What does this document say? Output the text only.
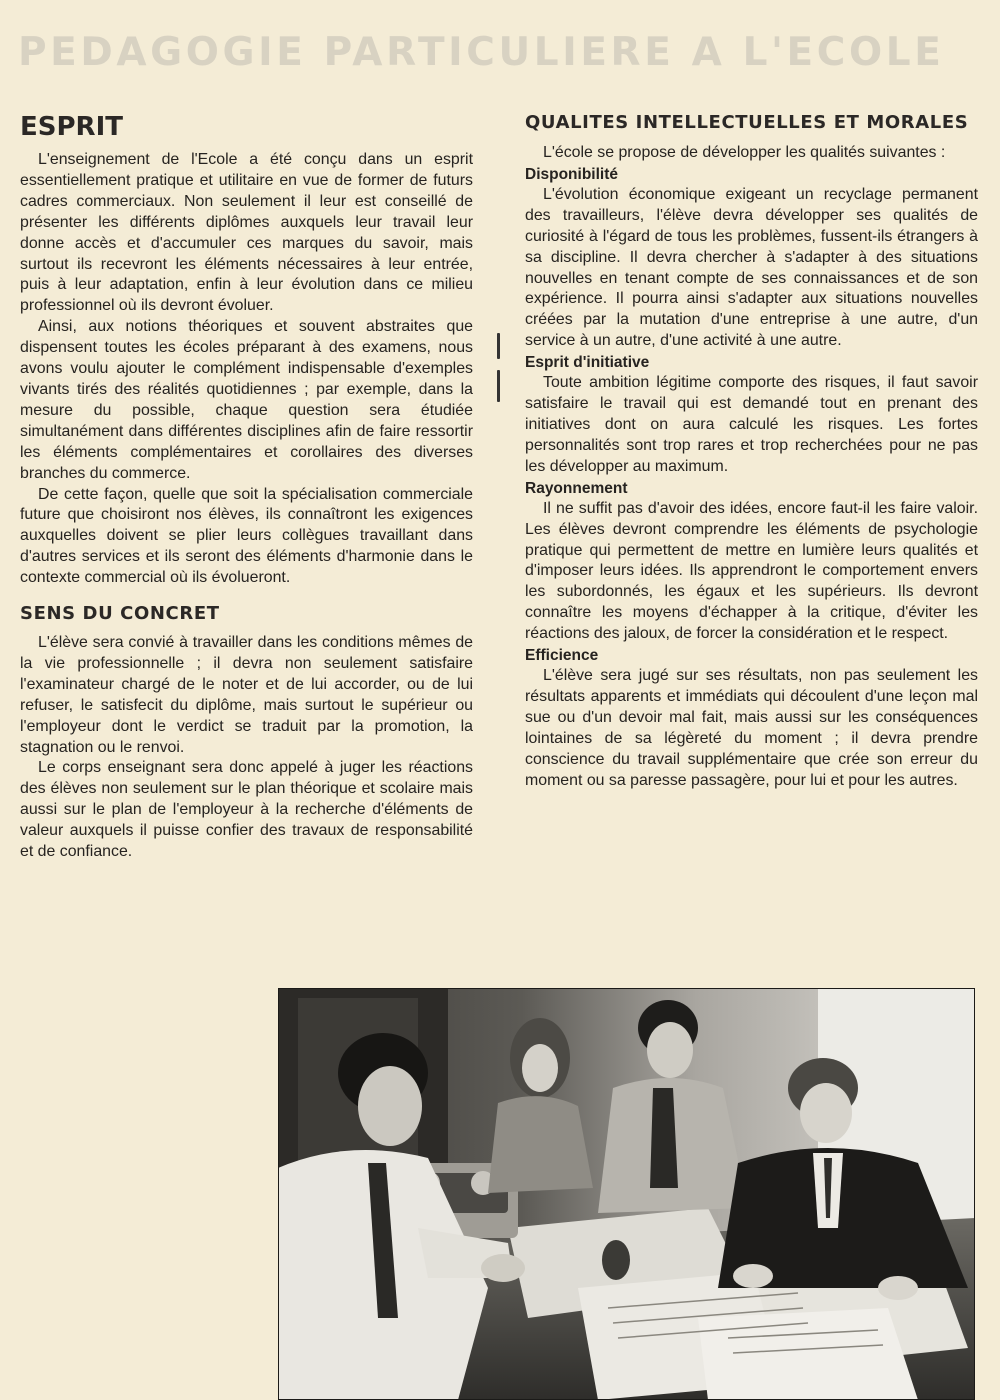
PEDAGOGIE PARTICULIERE A L'ECOLE
ESPRIT

L'enseignement de l'Ecole a été conçu dans un esprit essentiellement pratique et utilitaire en vue de former de futurs cadres commerciaux. Non seulement il leur est conseillé de présenter les différents diplômes auxquels leur travail leur donne accès et d'accumuler ces marques du savoir, mais surtout ils recevront les éléments nécessaires à leur entrée, puis à leur adaptation, enfin à leur évolution dans ce milieu professionnel où ils devront évoluer.

Ainsi, aux notions théoriques et souvent abstraites que dispensent toutes les écoles préparant à des examens, nous avons voulu ajouter le complément indispensable d'exemples vivants tirés des réalités quotidiennes ; par exemple, dans la mesure du possible, chaque question sera étudiée simultanément dans différentes disciplines afin de faire ressortir les éléments complémentaires et corollaires des diverses branches du commerce.

De cette façon, quelle que soit la spécialisation commerciale future que choisiront nos élèves, ils connaîtront les exigences auxquelles doivent se plier leurs collègues travaillant dans d'autres services et ils seront des éléments d'harmonie dans le contexte commercial où ils évolueront.

SENS DU CONCRET

L'élève sera convié à travailler dans les conditions mêmes de la vie professionnelle ; il devra non seulement satisfaire l'examinateur chargé de le noter et de lui accorder, ou de lui refuser, le satisfecit du diplôme, mais surtout le supérieur ou l'employeur dont le verdict se traduit par la promotion, la stagnation ou le renvoi.

Le corps enseignant sera donc appelé à juger les réactions des élèves non seulement sur le plan théorique et scolaire mais aussi sur le plan de l'employeur à la recherche d'éléments de valeur auxquels il puisse confier des travaux de responsabilité et de confiance.

QUALITES INTELLECTUELLES ET MORALES

L'école se propose de développer les qualités suivantes :

Disponibilité

L'évolution économique exigeant un recyclage permanent des travailleurs, l'élève devra développer ses qualités de curiosité à l'égard de tous les problèmes, fussent-ils étrangers à sa discipline. Il devra chercher à s'adapter à des situations nouvelles en tenant compte de ses connaissances et de son expérience. Il pourra ainsi s'adapter aux situations nouvelles créées par la mutation d'une entreprise à une autre, d'un service à un autre, d'une activité à une autre.

Esprit d'initiative

Toute ambition légitime comporte des risques, il faut savoir satisfaire le travail qui est demandé tout en prenant des initiatives dont on aura calculé les risques. Les fortes personnalités sont trop rares et trop recherchées pour ne pas les développer au maximum.

Rayonnement

Il ne suffit pas d'avoir des idées, encore faut-il les faire valoir. Les élèves devront comprendre les éléments de psychologie pratique qui permettent de mettre en lumière leurs qualités et d'imposer leurs idées. Ils apprendront le comportement envers les subordonnés, les égaux et les supérieurs. Ils devront connaître les moyens d'échapper à la critique, d'éviter les réactions des jaloux, de forcer la considération et le respect.

Efficience

L'élève sera jugé sur ses résultats, non pas seulement les résultats apparents et immédiats qui découlent d'une leçon mal sue ou d'un devoir mal fait, mais aussi sur les conséquences lointaines de sa légèreté du moment ; il devra prendre conscience du travail supplémentaire que crée son erreur du moment ou sa paresse passagère, pour lui et pour les autres.
